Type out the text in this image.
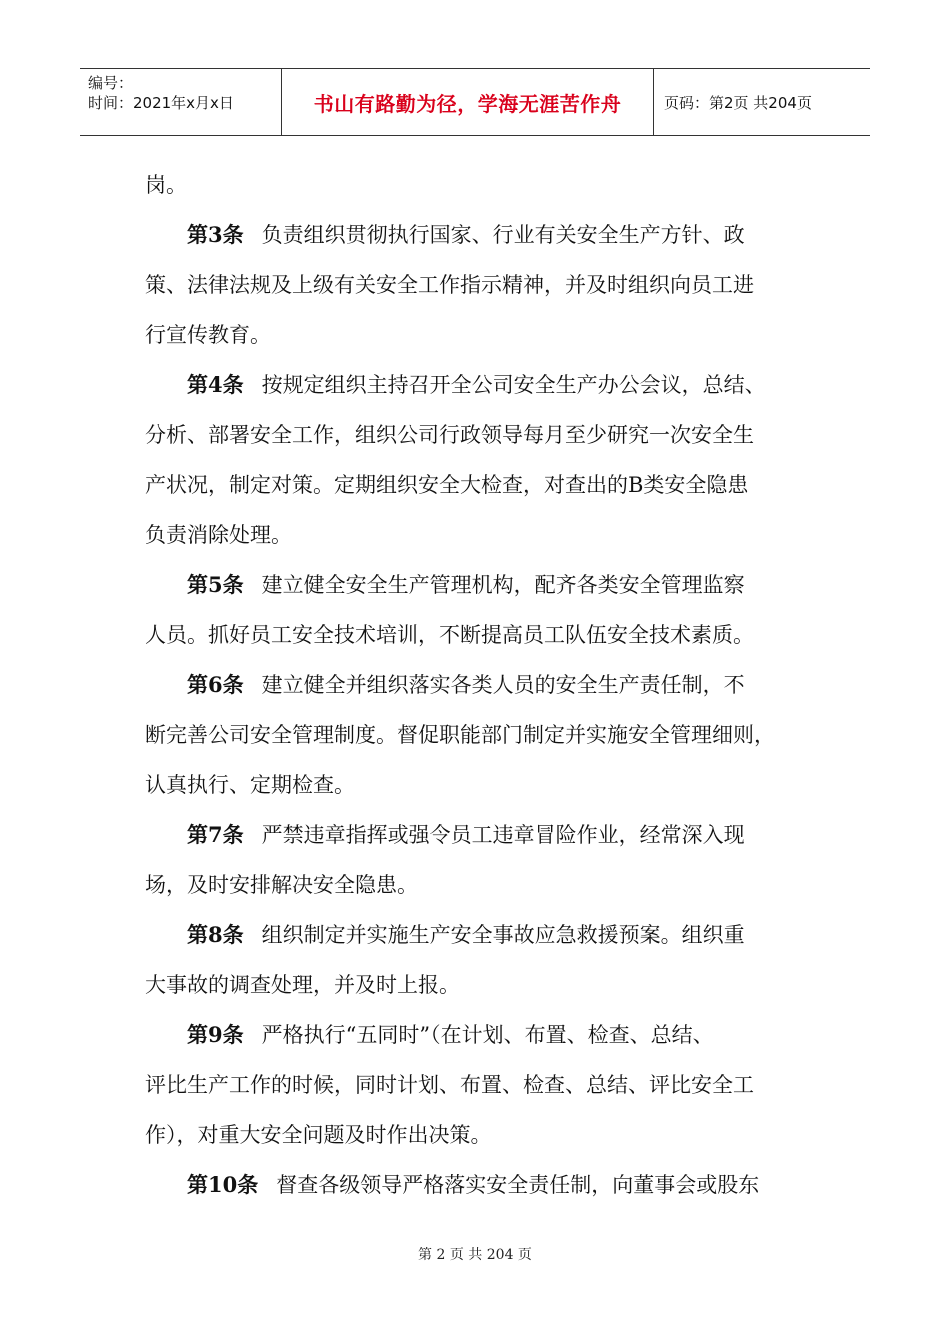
编号：
时间：2021年x月x日	书山有路勤为径，学海无涯苦作舟	页码：第2页 共204页
岗。
第3条 负责组织贯彻执行国家、行业有关安全生产方针、政
策、法律法规及上级有关安全工作指示精神，并及时组织向员工进
行宣传教育。
第4条 按规定组织主持召开全公司安全生产办公会议，总结、
分析、部署安全工作，组织公司行政领导每月至少研究一次安全生
产状况，制定对策。定期组织安全大检查，对查出的B类安全隐患
负责消除处理。
第5条 建立健全安全生产管理机构，配齐各类安全管理监察
人员。抓好员工安全技术培训，不断提高员工队伍安全技术素质。
第6条 建立健全并组织落实各类人员的安全生产责任制，不
断完善公司安全管理制度。督促职能部门制定并实施安全管理细则，
认真执行、定期检查。
第7条 严禁违章指挥或强令员工违章冒险作业，经常深入现
场，及时安排解决安全隐患。
第8条 组织制定并实施生产安全事故应急救援预案。组织重
大事故的调查处理，并及时上报。
第9条 严格执行“五同时”（在计划、布置、检查、总结、
评比生产工作的时候，同时计划、布置、检查、总结、评比安全工
作），对重大安全问题及时作出决策。
第10条 督查各级领导严格落实安全责任制，向董事会或股东
第 2 页 共 204 页
